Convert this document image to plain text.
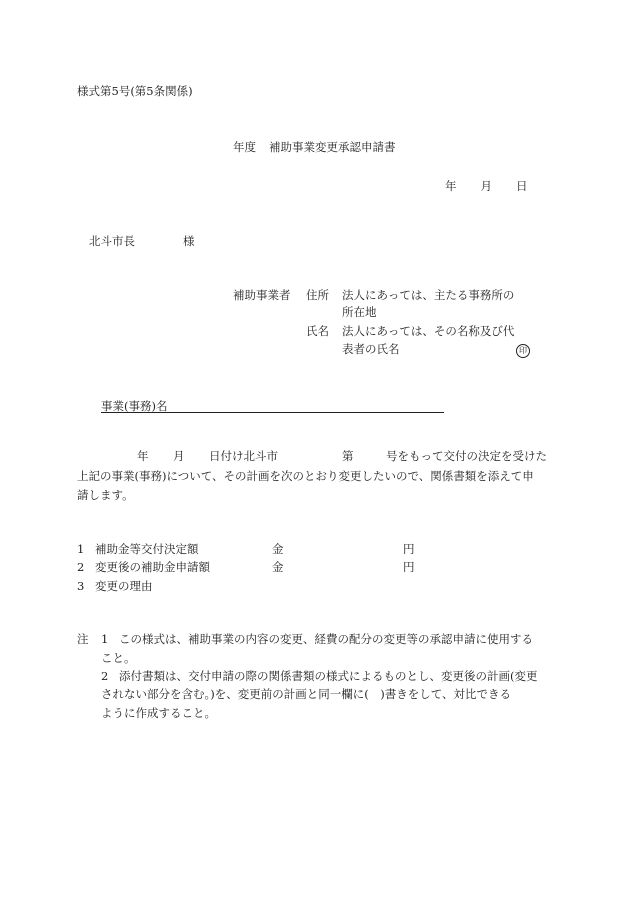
様式第5号(第5条関係)
年度 補助事業変更承認申請書
年 月 日
北斗市長	様
補助事業者 住所 法人にあっては、主たる事務所の
所在地
氏名 法人にあっては、その名称及び代
表者の氏名	印
事業(事務)名
年 月 日付け北斗市	第	号をもって交付の決定を受けた
上記の事業(事務)について、その計画を次のとおり変更したいので、関係書類を添えて申
請します。
1 補助金等交付決定額	金	円
2 変更後の補助金申請額	金	円
3 変更の理由
注 1 この様式は、補助事業の内容の変更、経費の配分の変更等の承認申請に使用する
こと。
2 添付書類は、交付申請の際の関係書類の様式によるものとし、変更後の計画(変更
されない部分を含む。)を、変更前の計画と同一欄に(　)書きをして、対比できる
ように作成すること。
